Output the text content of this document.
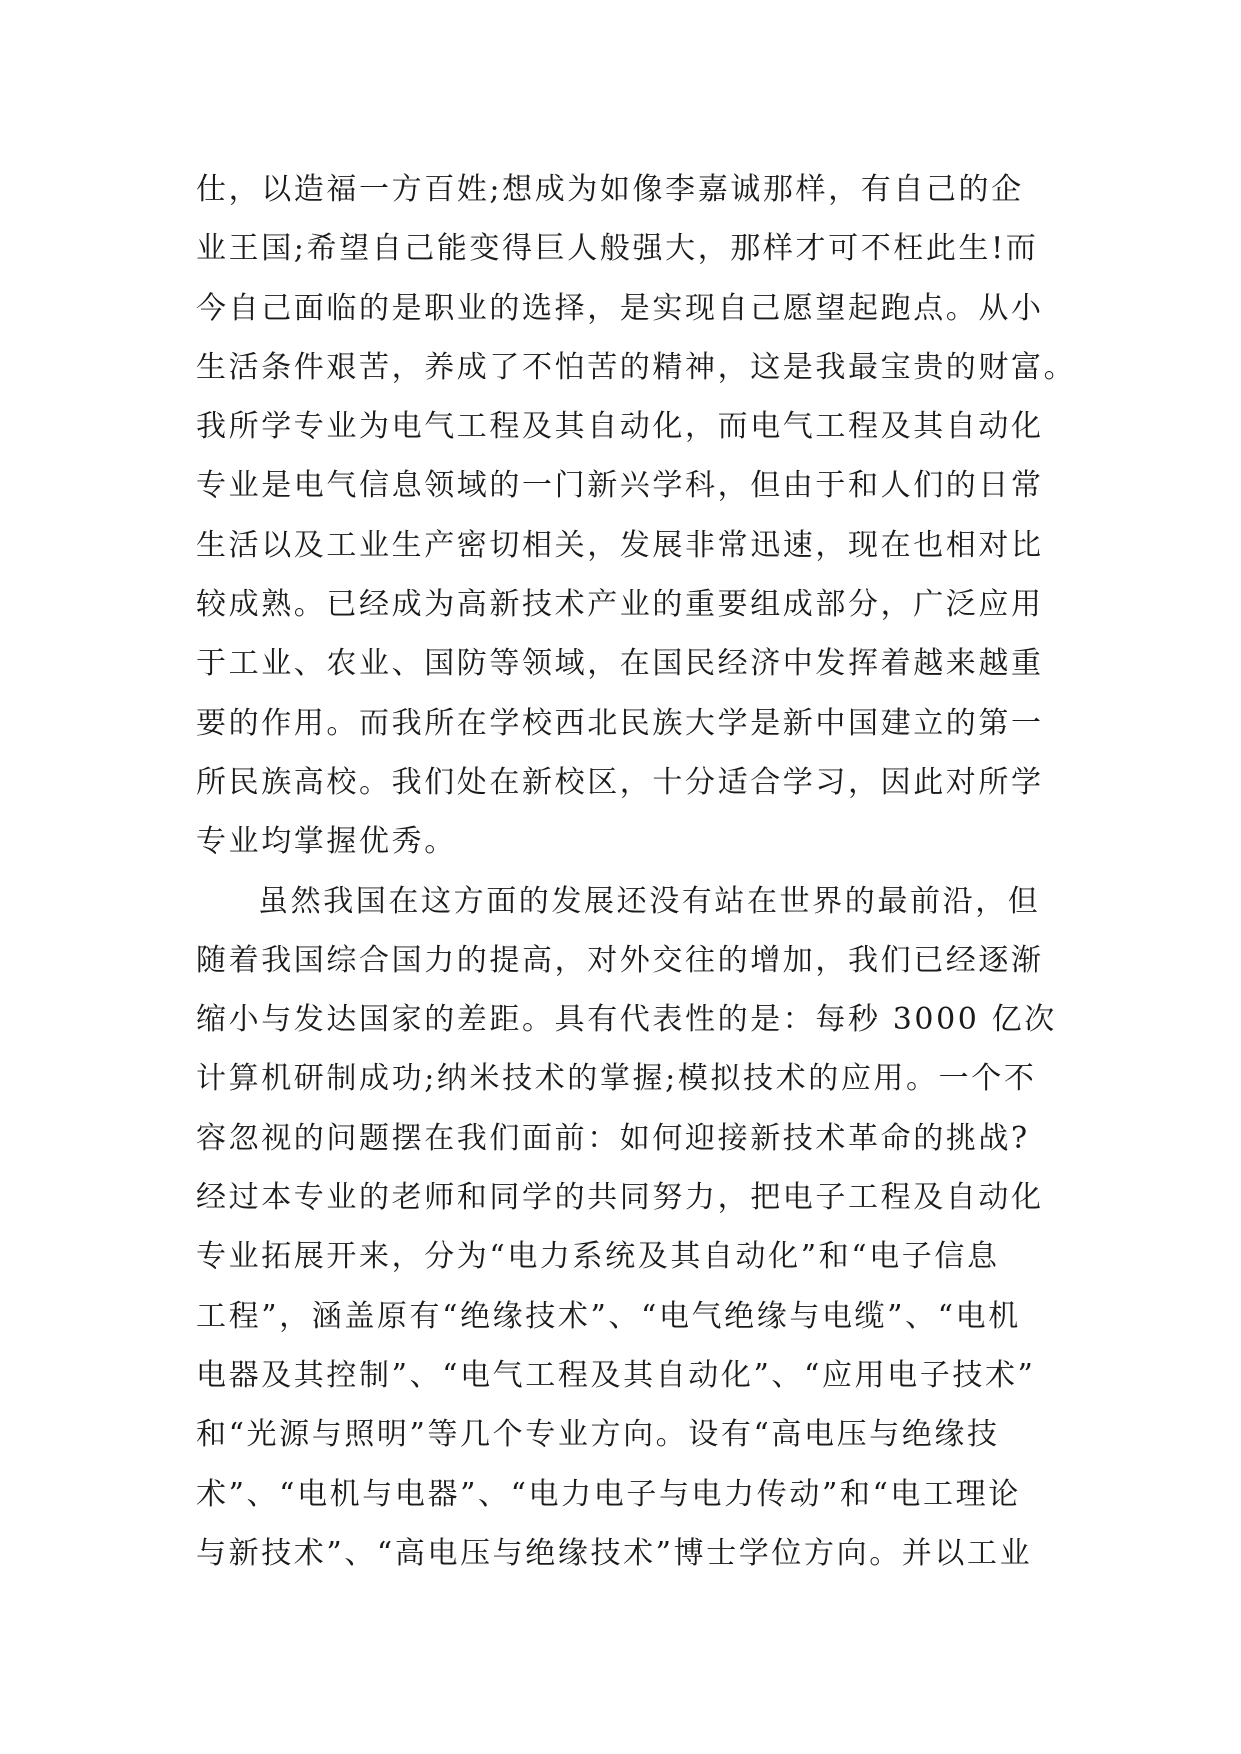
仕，以造福一方百姓;想成为如像李嘉诚那样，有自己的企
业王国;希望自己能变得巨人般强大，那样才可不枉此生!而
今自己面临的是职业的选择，是实现自己愿望起跑点。从小
生活条件艰苦，养成了不怕苦的精神，这是我最宝贵的财富。
我所学专业为电气工程及其自动化，而电气工程及其自动化
专业是电气信息领域的一门新兴学科，但由于和人们的日常
生活以及工业生产密切相关，发展非常迅速，现在也相对比
较成熟。已经成为高新技术产业的重要组成部分，广泛应用
于工业、农业、国防等领域，在国民经济中发挥着越来越重
要的作用。而我所在学校西北民族大学是新中国建立的第一
所民族高校。我们处在新校区，十分适合学习，因此对所学
专业均掌握优秀。
虽然我国在这方面的发展还没有站在世界的最前沿，但
随着我国综合国力的提高，对外交往的增加，我们已经逐渐
缩小与发达国家的差距。具有代表性的是：每秒 3000 亿次
计算机研制成功;纳米技术的掌握;模拟技术的应用。一个不
容忽视的问题摆在我们面前：如何迎接新技术革命的挑战?
经过本专业的老师和同学的共同努力，把电子工程及自动化
专业拓展开来，分为“电力系统及其自动化”和“电子信息
工程”，涵盖原有“绝缘技术”、“电气绝缘与电缆”、“电机
电器及其控制”、“电气工程及其自动化”、“应用电子技术”
和“光源与照明”等几个专业方向。设有“高电压与绝缘技
术”、“电机与电器”、“电力电子与电力传动”和“电工理论
与新技术”、“高电压与绝缘技术”博士学位方向。并以工业
